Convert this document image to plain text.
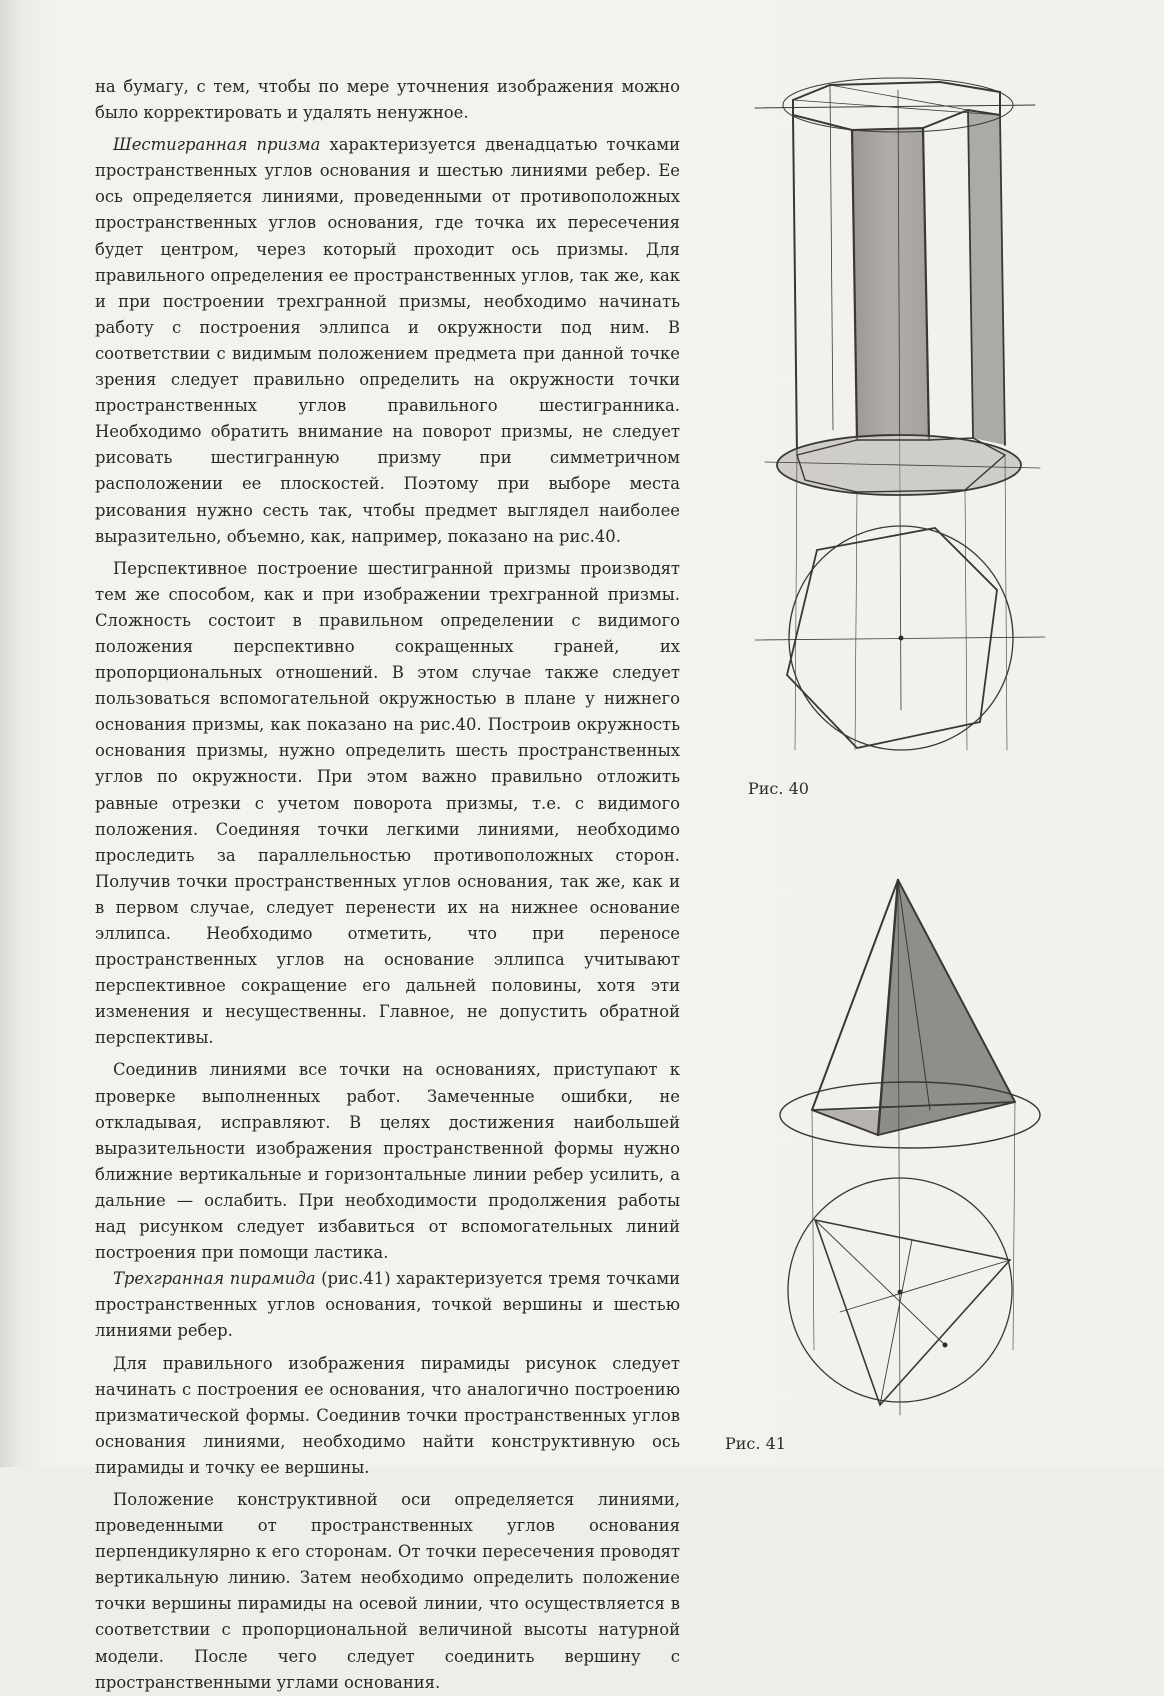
на бумагу, с тем, чтобы по мере уточнения изображения можно было корректировать и удалять ненужное.

Шестигранная призма характеризуется двенадцатью точками пространственных углов основания и шестью линиями ребер. Ее ось определяется линиями, проведенными от противоположных пространственных углов основания, где точка их пересечения будет центром, через который проходит ось призмы. Для правильного определения ее пространственных углов, так же, как и при построении трехгранной призмы, необходимо начинать работу с построения эллипса и окружности под ним. В соответствии с видимым положением предмета при данной точке зрения следует правильно определить на окружности точки пространственных углов правильного шестигранника. Необходимо обратить внимание на поворот призмы, не следует рисовать шестигранную призму при симметричном расположении ее плоскостей. Поэтому при выборе места рисования нужно сесть так, чтобы предмет выглядел наиболее выразительно, объемно, как, например, показано на рис.40.

Перспективное построение шестигранной призмы производят тем же способом, как и при изображении трехгранной призмы. Сложность состоит в правильном определении с видимого положения перспективно сокращенных граней, их пропорциональных отношений. В этом случае также следует пользоваться вспомогательной окружностью в плане у нижнего основания призмы, как показано на рис.40. Построив окружность основания призмы, нужно определить шесть пространственных углов по окружности. При этом важно правильно отложить равные отрезки с учетом поворота призмы, т.е. с видимого положения. Соединяя точки легкими линиями, необходимо проследить за параллельностью противоположных сторон. Получив точки пространственных углов основания, так же, как и в первом случае, следует перенести их на нижнее основание эллипса. Необходимо отметить, что при переносе пространственных углов на основание эллипса учитывают перспективное сокращение его дальней половины, хотя эти изменения и несущественны. Главное, не допустить обратной перспективы.

Соединив линиями все точки на основаниях, приступают к проверке выполненных работ. Замеченные ошибки, не откладывая, исправляют. В целях достижения наибольшей выразительности изображения пространственной формы нужно ближние вертикальные и горизонтальные линии ребер усилить, а дальние — ослабить. При необходимости продолжения работы над рисунком следует избавиться от вспомогательных линий построения при помощи ластика.

Трехгранная пирамида (рис.41) характеризуется тремя точками пространственных углов основания, точкой вершины и шестью линиями ребер.

Для правильного изображения пирамиды рисунок следует начинать с построения ее основания, что аналогично построению призматической формы. Соединив точки пространственных углов основания линиями, необходимо найти конструктивную ось пирамиды и точку ее вершины.

Положение конструктивной оси определяется линиями, проведенными от пространственных углов основания перпендикулярно к его сторонам. От точки пересечения проводят вертикальную линию. Затем необходимо определить положение точки вершины пирамиды на осевой линии, что осуществляется в соответствии с пропорциональной величиной высоты натурной модели. После чего следует соединить вершину с пространственными углами основания.

Рис. 40
Рис. 41
